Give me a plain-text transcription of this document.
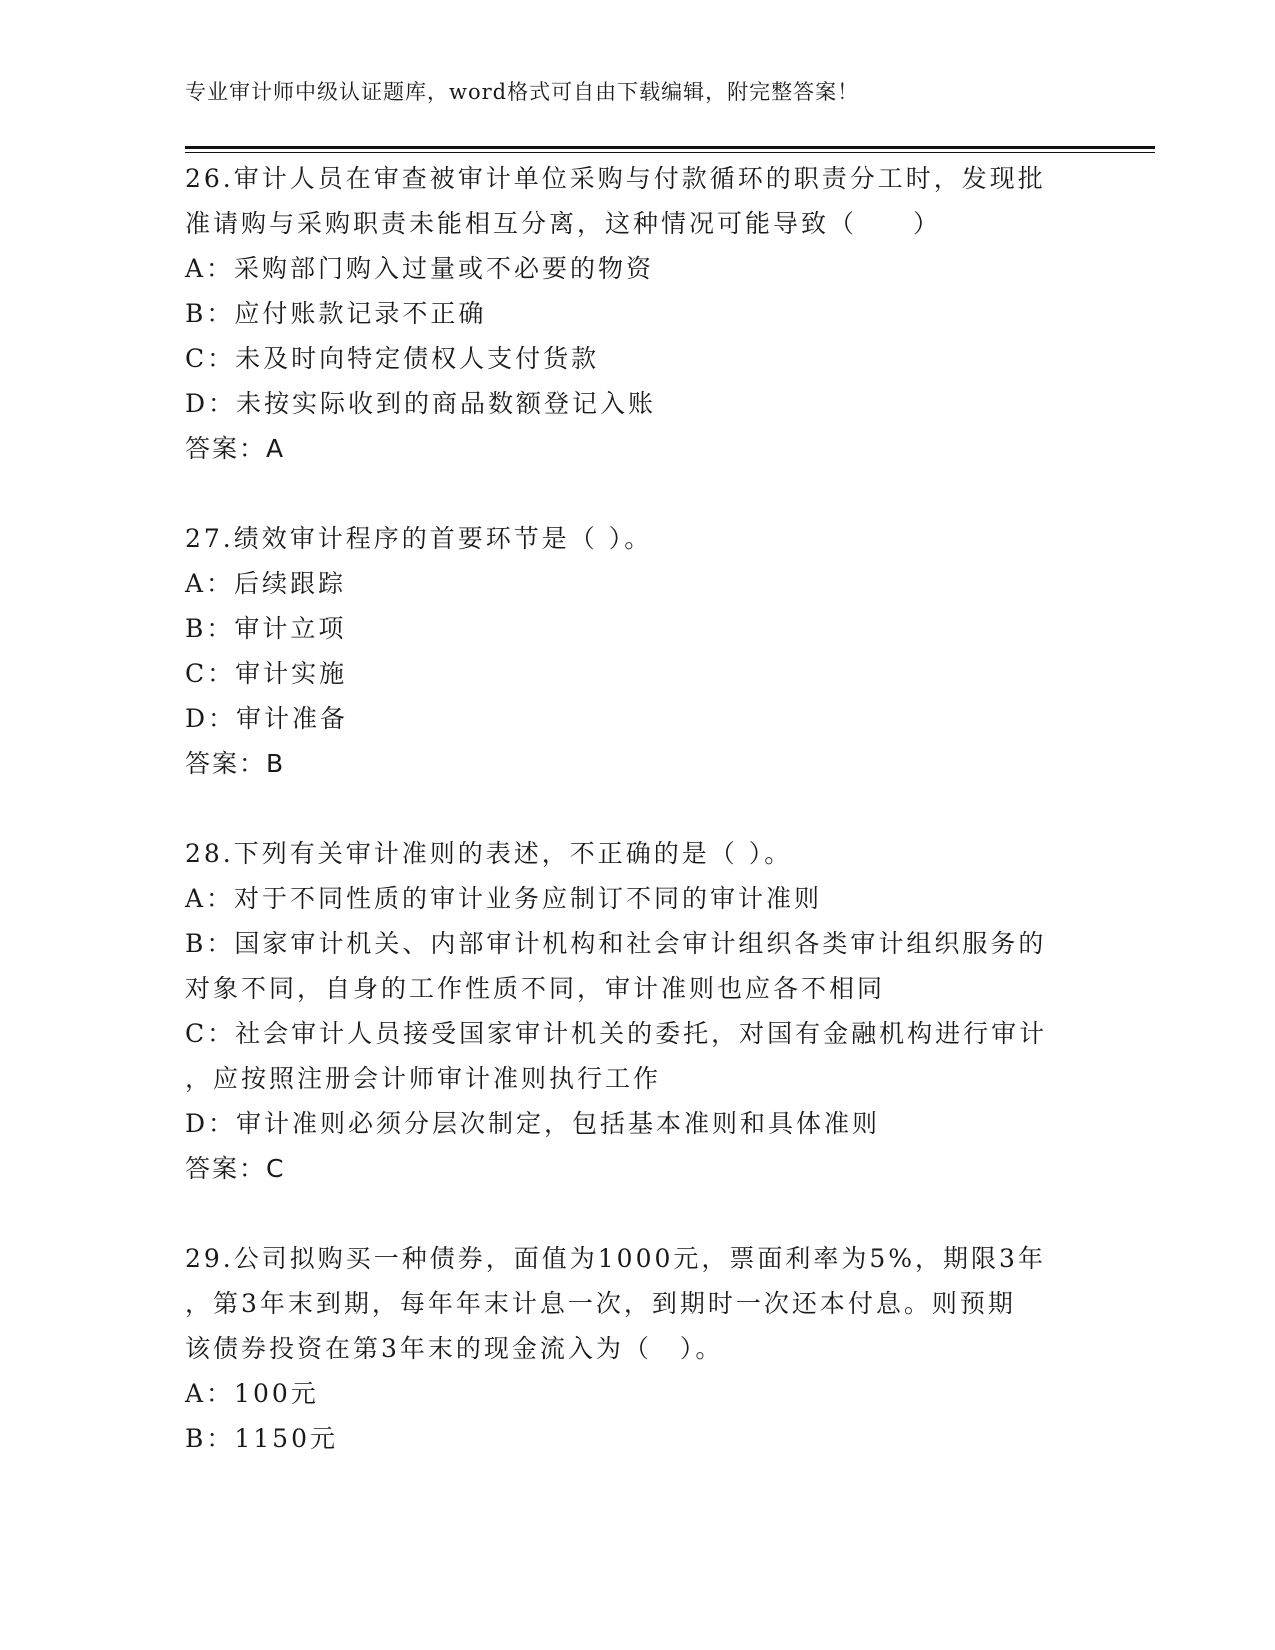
专业审计师中级认证题库，word格式可自由下载编辑，附完整答案！

26.审计人员在审查被审计单位采购与付款循环的职责分工时，发现批

准请购与采购职责未能相互分离，这种情况可能导致（　　）

A：采购部门购入过量或不必要的物资

B：应付账款记录不正确

C：未及时向特定债权人支付货款

D：未按实际收到的商品数额登记入账

答案：A

27.绩效审计程序的首要环节是（ ）。

A：后续跟踪

B：审计立项

C：审计实施

D：审计准备

答案：B

28.下列有关审计准则的表述，不正确的是（ ）。

A：对于不同性质的审计业务应制订不同的审计准则

B：国家审计机关、内部审计机构和社会审计组织各类审计组织服务的

对象不同，自身的工作性质不同，审计准则也应各不相同

C：社会审计人员接受国家审计机关的委托，对国有金融机构进行审计

，应按照注册会计师审计准则执行工作

D：审计准则必须分层次制定，包括基本准则和具体准则

答案：C

29.公司拟购买一种债券，面值为1000元，票面利率为5%，期限3年

，第3年末到期，每年年末计息一次，到期时一次还本付息。则预期

该债券投资在第3年末的现金流入为（　）。

A：100元

B：1150元
